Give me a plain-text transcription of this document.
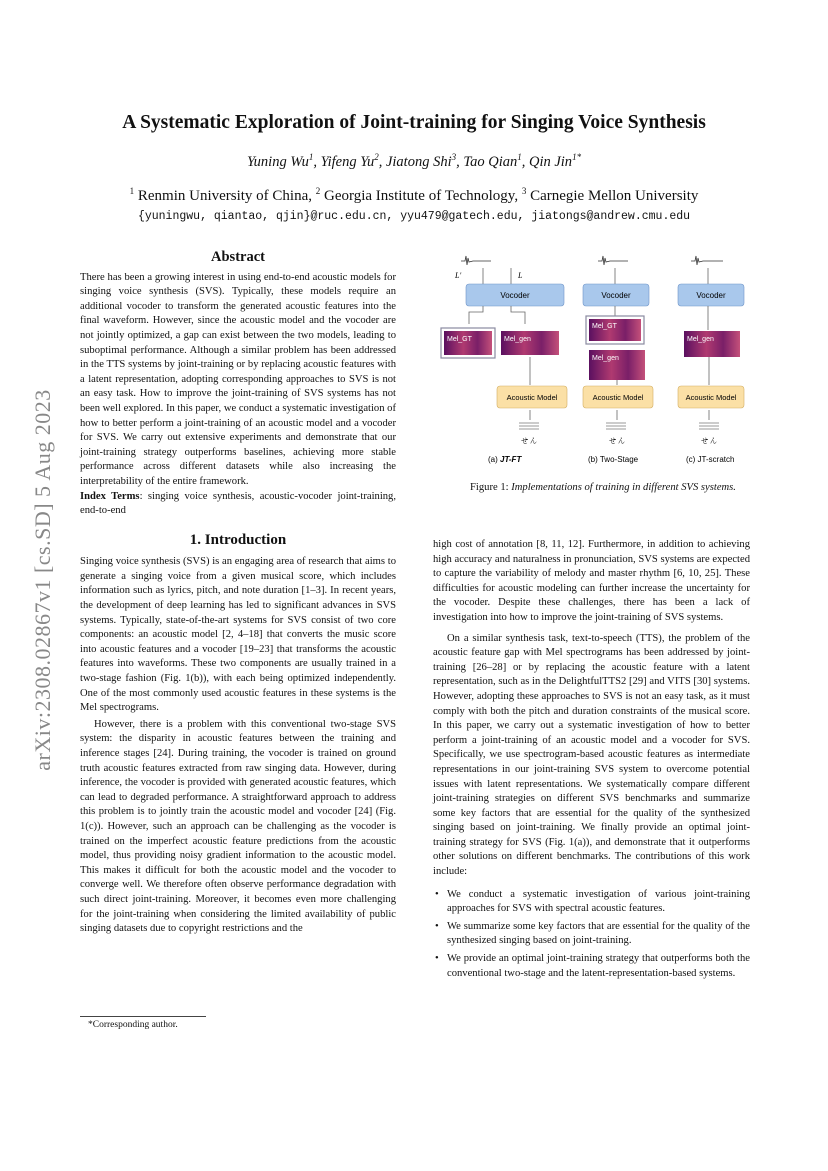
arXiv:2308.02867v1 [cs.SD] 5 Aug 2023
A Systematic Exploration of Joint-training for Singing Voice Synthesis
Yuning Wu$^1$, Yifeng Yu$^2$, Jiatong Shi$^3$, Tao Qian$^1$, Qin Jin$^{1*}$
$^1$ Renmin University of China, $^2$ Georgia Institute of Technology, $^3$ Carnegie Mellon University
{yuningwu, qiantao, qjin}@ruc.edu.cn, yyu479@gatech.edu, jiatongs@andrew.cmu.edu
Abstract

There has been a growing interest in using end-to-end acoustic models for singing voice synthesis (SVS). Typically, these models require an additional vocoder to transform the generated acoustic features into the final waveform. However, since the acoustic model and the vocoder are not jointly optimized, a gap can exist between the two models, leading to suboptimal performance. Although a similar problem has been addressed in the TTS systems by joint-training or by replacing acoustic features with a latent representation, adopting corresponding approaches to SVS is not an easy task. How to improve the joint-training of SVS systems has not been well explored. In this paper, we conduct a systematic investigation of how to better perform a joint-training of an acoustic model and a vocoder for SVS. We carry out extensive experiments and demonstrate that our joint-training strategy outperforms baselines, achieving more stable performance across different datasets while also increasing the interpretability of the entire framework.

Index Terms: singing voice synthesis, acoustic-vocoder joint-training, end-to-end

1. Introduction

Singing voice synthesis (SVS) is an engaging area of research that aims to generate a singing voice from a given musical score, which includes information such as lyrics, pitch, and note duration [1–3]. In recent years, the development of deep learning has led to significant advances in SVS systems. Typically, state-of-the-art systems for SVS consist of two core components: an acoustic model [2, 4–18] that converts the music score into acoustic features and a vocoder [19–23] that transforms the acoustic features into waveforms. These two components are usually trained in a two-stage fashion (Fig. 1(b)), with each being optimized independently. One of the most commonly used acoustic features in these systems is the Mel spectrograms.

However, there is a problem with this conventional two-stage SVS system: the disparity in acoustic features between the training and inference stages [24]. During training, the vocoder is trained on ground truth acoustic features extracted from raw singing data. However, during inference, the vocoder is provided with generated acoustic features, which can lead to degraded performance. A straightforward approach to address this problem is to jointly train the acoustic model and vocoder [24] (Fig. 1(c)). However, such an approach can be challenging as the vocoder is trained on the imperfect acoustic feature predictions from the acoustic model, thus providing noisy gradient information to the acoustic model. This makes it difficult for both the acoustic model and the vocoder to converge well. We therefore often observe performance degradation with such direct joint-training. Moreover, it becomes even more challenging for the joint-training when considering the limited availability of public singing datasets due to copyright restrictions and the

*Corresponding author.
L'	L
Vocoder
Mel_GT	Mel_gen
Acoustic Model
せ ん
Vocoder
Mel_GT
Mel_gen
Acoustic Model
せ ん
Vocoder
Mel_gen
Acoustic Model
せ ん
(a) JT-FT	(b) Two-Stage	(c) JT-scratch
Figure 1: Implementations of training in different SVS systems.

high cost of annotation [8, 11, 12]. Furthermore, in addition to achieving high accuracy and naturalness in pronunciation, SVS systems are expected to capture the variability of melody and master rhythm [6, 10, 25]. These difficulties for acoustic modeling can further increase the uncertainty for the vocoder. Despite these challenges, there has been a lack of investigation into how to improve the joint-training of SVS systems.

On a similar synthesis task, text-to-speech (TTS), the problem of the acoustic feature gap with Mel spectrograms has been addressed by joint-training [26–28] or by replacing the acoustic feature with a latent representation, such as in the DelightfulTTS2 [29] and VITS [30] systems. However, adopting these approaches to SVS is not an easy task, as it must comply with both the pitch and duration constraints of the musical score. In this paper, we carry out a systematic investigation of how to better perform a joint-training of an acoustic model and a vocoder for SVS. Specifically, we use spectrogram-based acoustic features as intermediate representations in our joint-training SVS system to overcome potential issues with latent representations. We systematically compare different joint-training strategies on different SVS benchmarks and summarize some key factors that are essential for the quality of the synthesized singing based on joint-training. We finally provide an optimal joint-training strategy for SVS (Fig. 1(a)), and demonstrate that it outperforms other solutions on different benchmarks. The contributions of this work include:

• We conduct a systematic investigation of various joint-training approaches for SVS with spectral acoustic features.
• We summarize some key factors that are essential for the quality of the synthesized singing based on joint-training.
• We provide an optimal joint-training strategy that outperforms both the conventional two-stage and the latent-representation-based systems.
